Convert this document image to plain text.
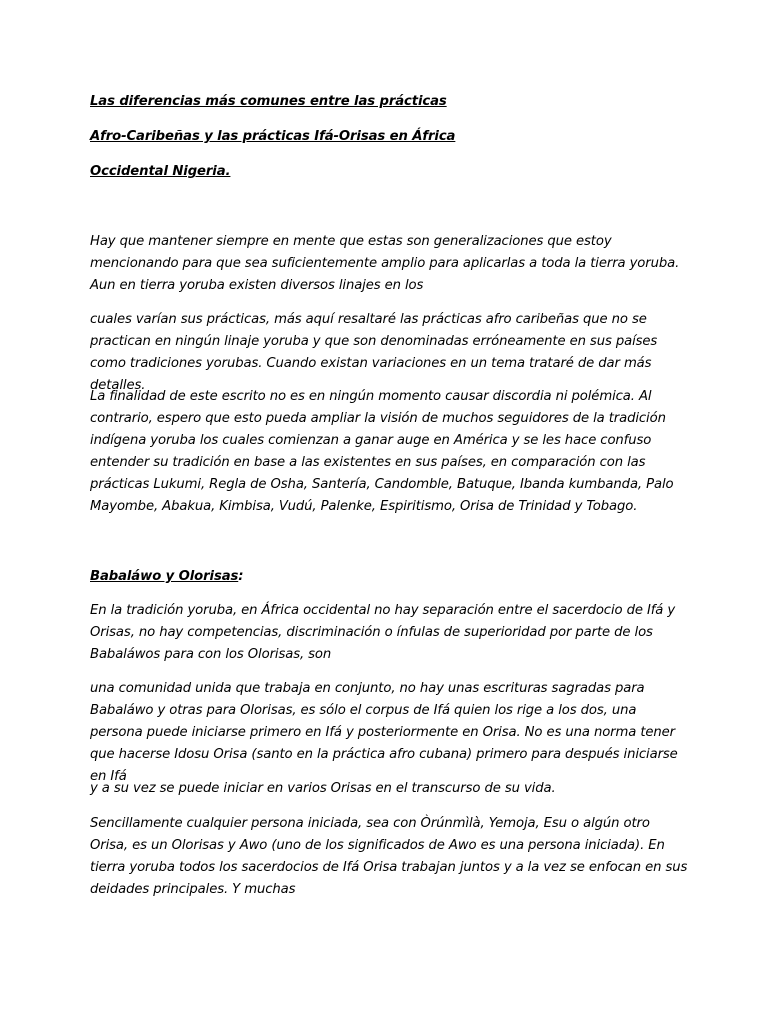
Las diferencias más comunes entre las prácticas

Afro-Caribeñas y las prácticas Ifá-Orisas en África

Occidental Nigeria.

Hay que mantener siempre en mente que estas son generalizaciones que estoy mencionando para que sea suficientemente amplio para aplicarlas a toda la tierra yoruba. Aun en tierra yoruba existen diversos linajes en los

cuales varían sus prácticas, más aquí resaltaré las prácticas afro caribeñas que no se practican en ningún linaje yoruba y que son denominadas erróneamente en sus países como tradiciones yorubas. Cuando existan variaciones en un tema trataré de dar más detalles.

La finalidad de este escrito no es en ningún momento causar discordia ni polémica. Al contrario, espero que esto pueda ampliar la visión de muchos seguidores de la tradición indígena yoruba los cuales comienzan a ganar auge en América y se les hace confuso entender su tradición en base a las existentes en sus países, en comparación con las prácticas Lukumi, Regla de Osha, Santería, Candomble, Batuque, Ibanda kumbanda, Palo Mayombe, Abakua, Kimbisa, Vudú, Palenke, Espiritismo, Orisa de Trinidad y Tobago.

Babaláwo y Olorisas:

En la tradición yoruba, en África occidental no hay separación entre el sacerdocio de Ifá y Orisas, no hay competencias, discriminación o ínfulas de superioridad por parte de los Babaláwos para con los Olorisas, son

una comunidad unida que trabaja en conjunto, no hay unas escrituras sagradas para Babaláwo y otras para Olorisas, es sólo el corpus de Ifá quien los rige a los dos, una persona puede iniciarse primero en Ifá y posteriormente en Orisa. No es una norma tener que hacerse Idosu Orisa (santo en la práctica afro cubana) primero para después iniciarse en Ifá

y a su vez se puede iniciar en varios Orisas en el transcurso de su vida.

Sencillamente cualquier persona iniciada, sea con Òrúnmìlà, Yemoja, Esu o algún otro Orisa, es un Olorisas y Awo (uno de los significados de Awo es una persona iniciada). En tierra yoruba todos los sacerdocios de Ifá Orisa trabajan juntos y a la vez se enfocan en sus deidades principales. Y muchas
